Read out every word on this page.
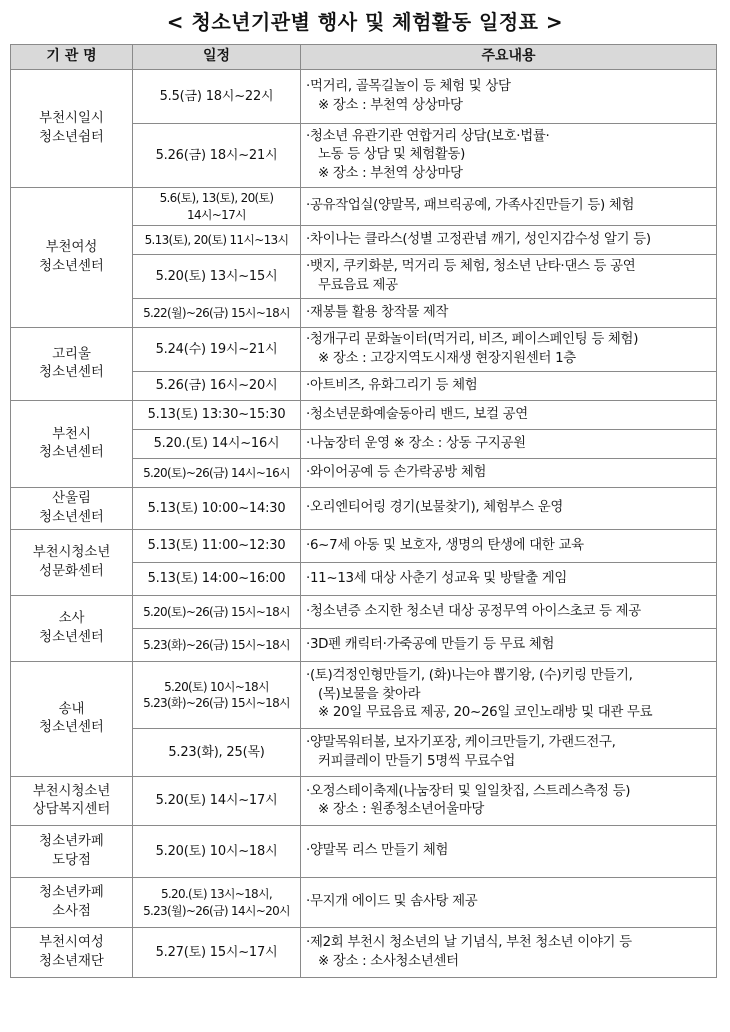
< 청소년기관별 행사 및 체험활동 일정표 >
기 관 명	일정	주요내용

부천시일시
청소년쉼터	5.5(금) 18시~22시	·먹거리, 골목길놀이 등 체험 및 상담
※ 장소 : 부천역 상상마당

	5.26(금) 18시~21시	·청소년 유관기관 연합거리 상담(보호·법률·
노동 등 상담 및 체험활동)
※ 장소 : 부천역 상상마당

부천여성
청소년센터	5.6(토), 13(토), 20(토)
14시~17시	·공유작업실(양말목, 패브릭공예, 가족사진만들기 등) 체험

	5.13(토), 20(토) 11시~13시	·차이나는 클라스(성별 고정관념 깨기, 성인지감수성 알기 등)

	5.20(토) 13시~15시	·뱃지, 쿠키화분, 먹거리 등 체험, 청소년 난타·댄스 등 공연
무료음료 제공

	5.22(월)~26(금) 15시~18시	·재봉틀 활용 창작물 제작

고리울
청소년센터	5.24(수) 19시~21시	·청개구리 문화놀이터(먹거리, 비즈, 페이스페인팅 등 체험)
※ 장소 : 고강지역도시재생 현장지원센터 1층

	5.26(금) 16시~20시	·아트비즈, 유화그리기 등 체험

부천시
청소년센터	5.13(토) 13:30~15:30	·청소년문화예술동아리 밴드, 보컬 공연

	5.20.(토) 14시~16시	·나눔장터 운영 ※ 장소 : 상동 구지공원

	5.20(토)~26(금) 14시~16시	·와이어공예 등 손가락공방 체험

산울림
청소년센터	5.13(토) 10:00~14:30	·오리엔티어링 경기(보물찾기), 체험부스 운영

부천시청소년
성문화센터	5.13(토) 11:00~12:30	·6~7세 아동 및 보호자, 생명의 탄생에 대한 교육

	5.13(토) 14:00~16:00	·11~13세 대상 사춘기 성교육 및 방탈출 게임

소사
청소년센터	5.20(토)~26(금) 15시~18시	·청소년증 소지한 청소년 대상 공정무역 아이스초코 등 제공

	5.23(화)~26(금) 15시~18시	·3D펜 캐릭터·가죽공예 만들기 등 무료 체험

송내
청소년센터	5.20(토) 10시~18시
5.23(화)~26(금) 15시~18시	·(토)걱정인형만들기, (화)나는야 뽑기왕, (수)키링 만들기,
(목)보물을 찾아라
※ 20일 무료음료 제공, 20~26일 코인노래방 및 대관 무료

	5.23(화), 25(목)	·양말목워터볼, 보자기포장, 케이크만들기, 가랜드전구,
커피클레이 만들기 5명씩 무료수업

부천시청소년
상담복지센터	5.20(토) 14시~17시	·오정스테이축제(나눔장터 및 일일찻집, 스트레스측정 등)
※ 장소 : 원종청소년어울마당

청소년카페
도당점	5.20(토) 10시~18시	·양말목 리스 만들기 체험

청소년카페
소사점	5.20.(토) 13시~18시,
5.23(월)~26(금) 14시~20시	·무지개 에이드 및 솜사탕 제공

부천시여성
청소년재단	5.27(토) 15시~17시	·제2회 부천시 청소년의 날 기념식, 부천 청소년 이야기 등
※ 장소 : 소사청소년센터
